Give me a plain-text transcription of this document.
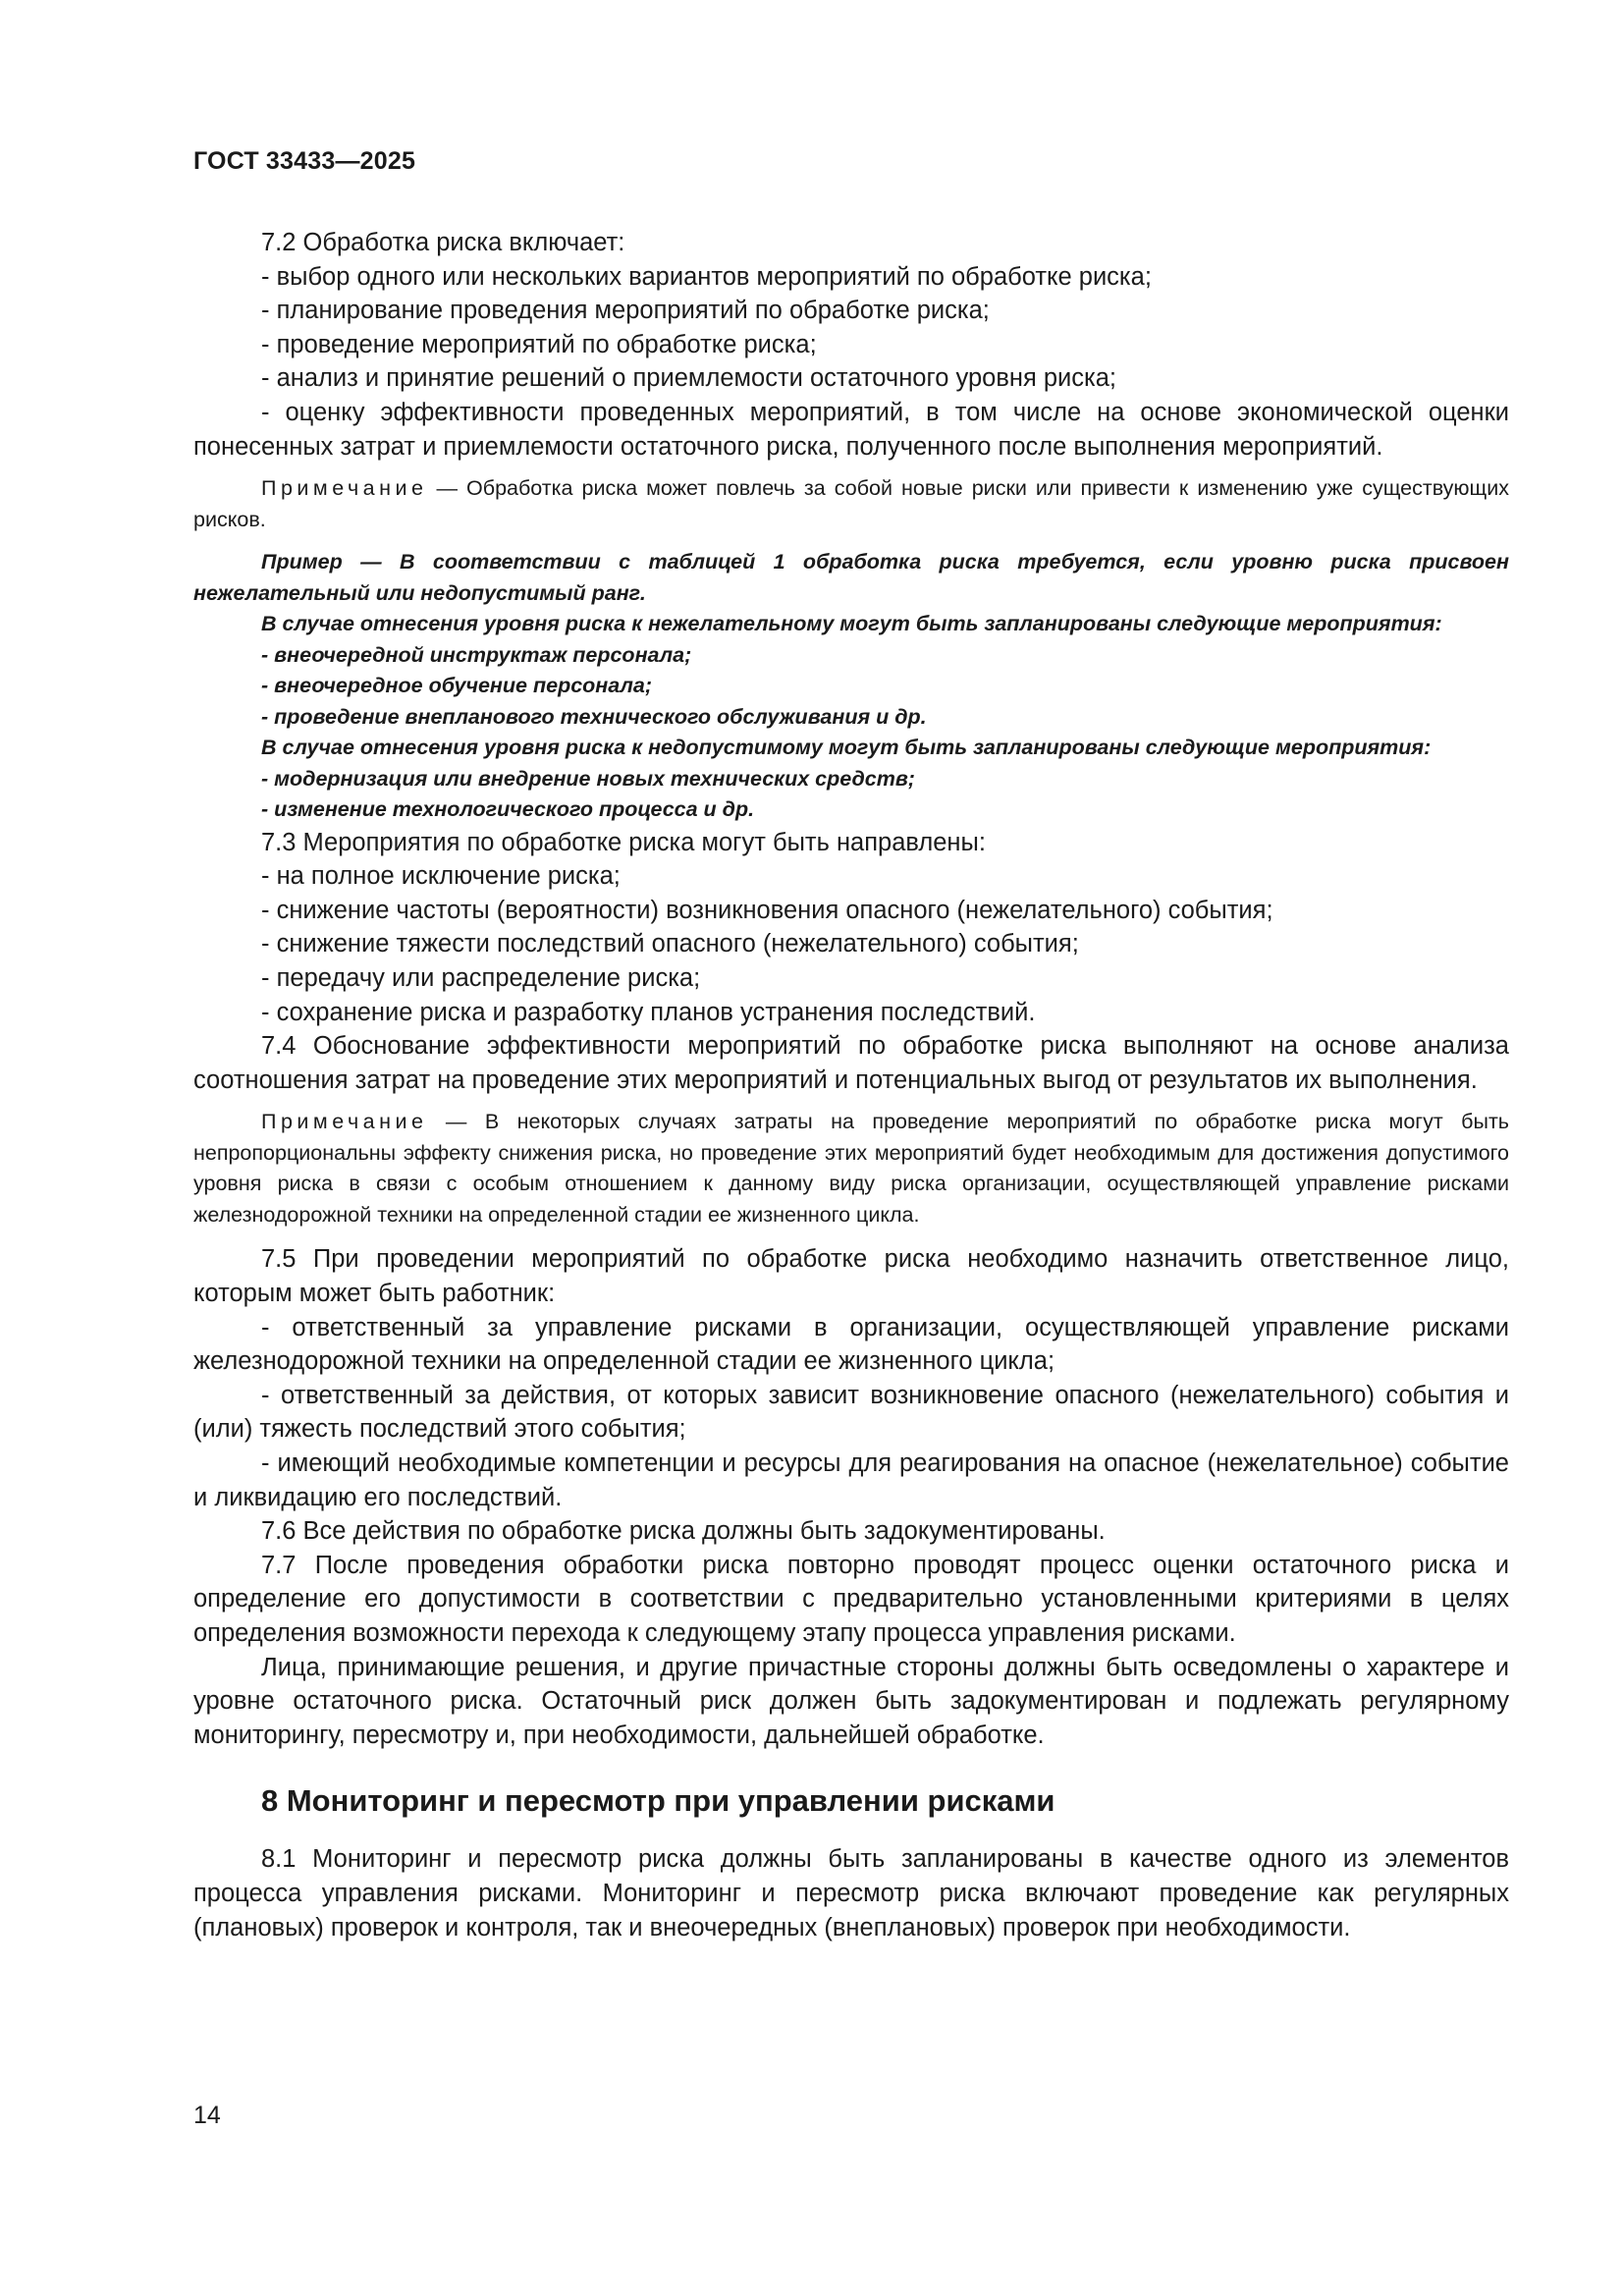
ГОСТ 33433—2025

7.2 Обработка риска включает:

- выбор одного или нескольких вариантов мероприятий по обработке риска;

- планирование проведения мероприятий по обработке риска;

- проведение мероприятий по обработке риска;

- анализ и принятие решений о приемлемости остаточного уровня риска;

- оценку эффективности проведенных мероприятий, в том числе на основе экономической оценки понесенных затрат и приемлемости остаточного риска, полученного после выполнения мероприятий.

Примечание — Обработка риска может повлечь за собой новые риски или привести к изменению уже существующих рисков.

Пример — В соответствии с таблицей 1 обработка риска требуется, если уровню риска присвоен нежелательный или недопустимый ранг.

В случае отнесения уровня риска к нежелательному могут быть запланированы следующие мероприятия:

- внеочередной инструктаж персонала;

- внеочередное обучение персонала;

- проведение внепланового технического обслуживания и др.

В случае отнесения уровня риска к недопустимому могут быть запланированы следующие мероприятия:

- модернизация или внедрение новых технических средств;

- изменение технологического процесса и др.

7.3 Мероприятия по обработке риска могут быть направлены:

- на полное исключение риска;

- снижение частоты (вероятности) возникновения опасного (нежелательного) события;

- снижение тяжести последствий опасного (нежелательного) события;

- передачу или распределение риска;

- сохранение риска и разработку планов устранения последствий.

7.4 Обоснование эффективности мероприятий по обработке риска выполняют на основе анализа соотношения затрат на проведение этих мероприятий и потенциальных выгод от результатов их выполнения.

Примечание — В некоторых случаях затраты на проведение мероприятий по обработке риска могут быть непропорциональны эффекту снижения риска, но проведение этих мероприятий будет необходимым для достижения допустимого уровня риска в связи с особым отношением к данному виду риска организации, осуществляющей управление рисками железнодорожной техники на определенной стадии ее жизненного цикла.

7.5 При проведении мероприятий по обработке риска необходимо назначить ответственное лицо, которым может быть работник:

- ответственный за управление рисками в организации, осуществляющей управление рисками железнодорожной техники на определенной стадии ее жизненного цикла;

- ответственный за действия, от которых зависит возникновение опасного (нежелательного) события и (или) тяжесть последствий этого события;

- имеющий необходимые компетенции и ресурсы для реагирования на опасное (нежелательное) событие и ликвидацию его последствий.

7.6 Все действия по обработке риска должны быть задокументированы.

7.7 После проведения обработки риска повторно проводят процесс оценки остаточного риска и определение его допустимости в соответствии с предварительно установленными критериями в целях определения возможности перехода к следующему этапу процесса управления рисками.

Лица, принимающие решения, и другие причастные стороны должны быть осведомлены о характере и уровне остаточного риска. Остаточный риск должен быть задокументирован и подлежать регулярному мониторингу, пересмотру и, при необходимости, дальнейшей обработке.

8 Мониторинг и пересмотр при управлении рисками

8.1 Мониторинг и пересмотр риска должны быть запланированы в качестве одного из элементов процесса управления рисками. Мониторинг и пересмотр риска включают проведение как регулярных (плановых) проверок и контроля, так и внеочередных (внеплановых) проверок при необходимости.

14
